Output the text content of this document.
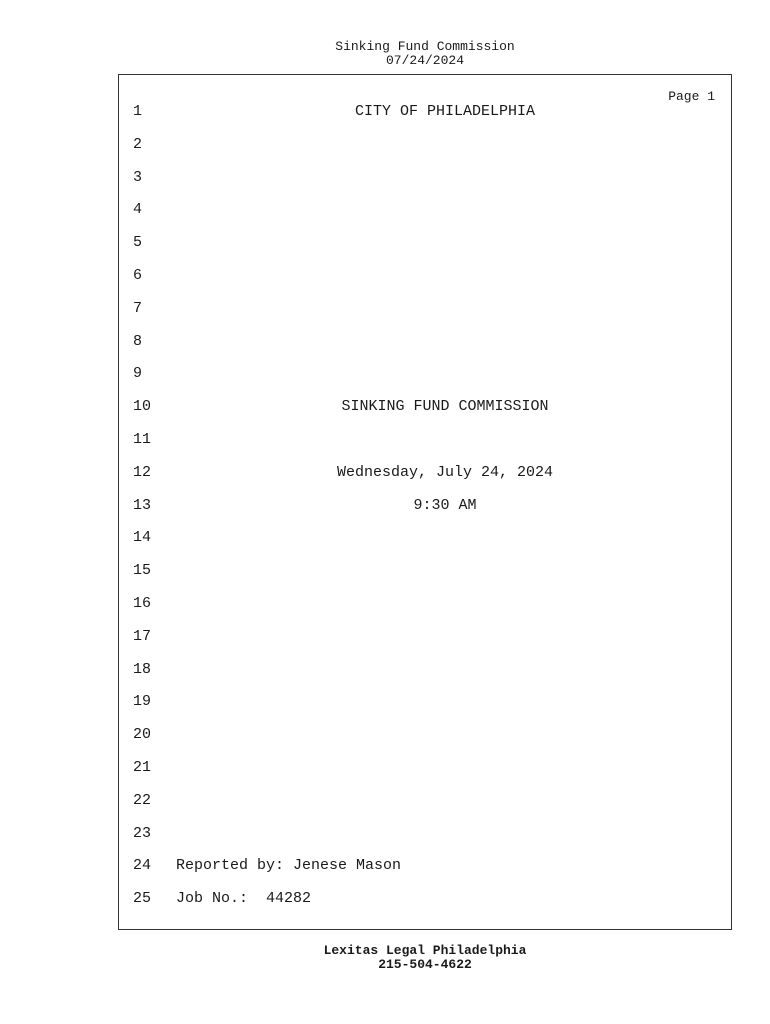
Sinking Fund Commission
07/24/2024
Page 1
1	CITY OF PHILADELPHIA
2
3
4
5
6
7
8
9
10	SINKING FUND COMMISSION
11
12	Wednesday, July 24, 2024
13	9:30 AM
14
15
16
17
18
19
20
21
22
23
24	Reported by: Jenese Mason
25	Job No.:  44282
Lexitas Legal Philadelphia
215-504-4622
